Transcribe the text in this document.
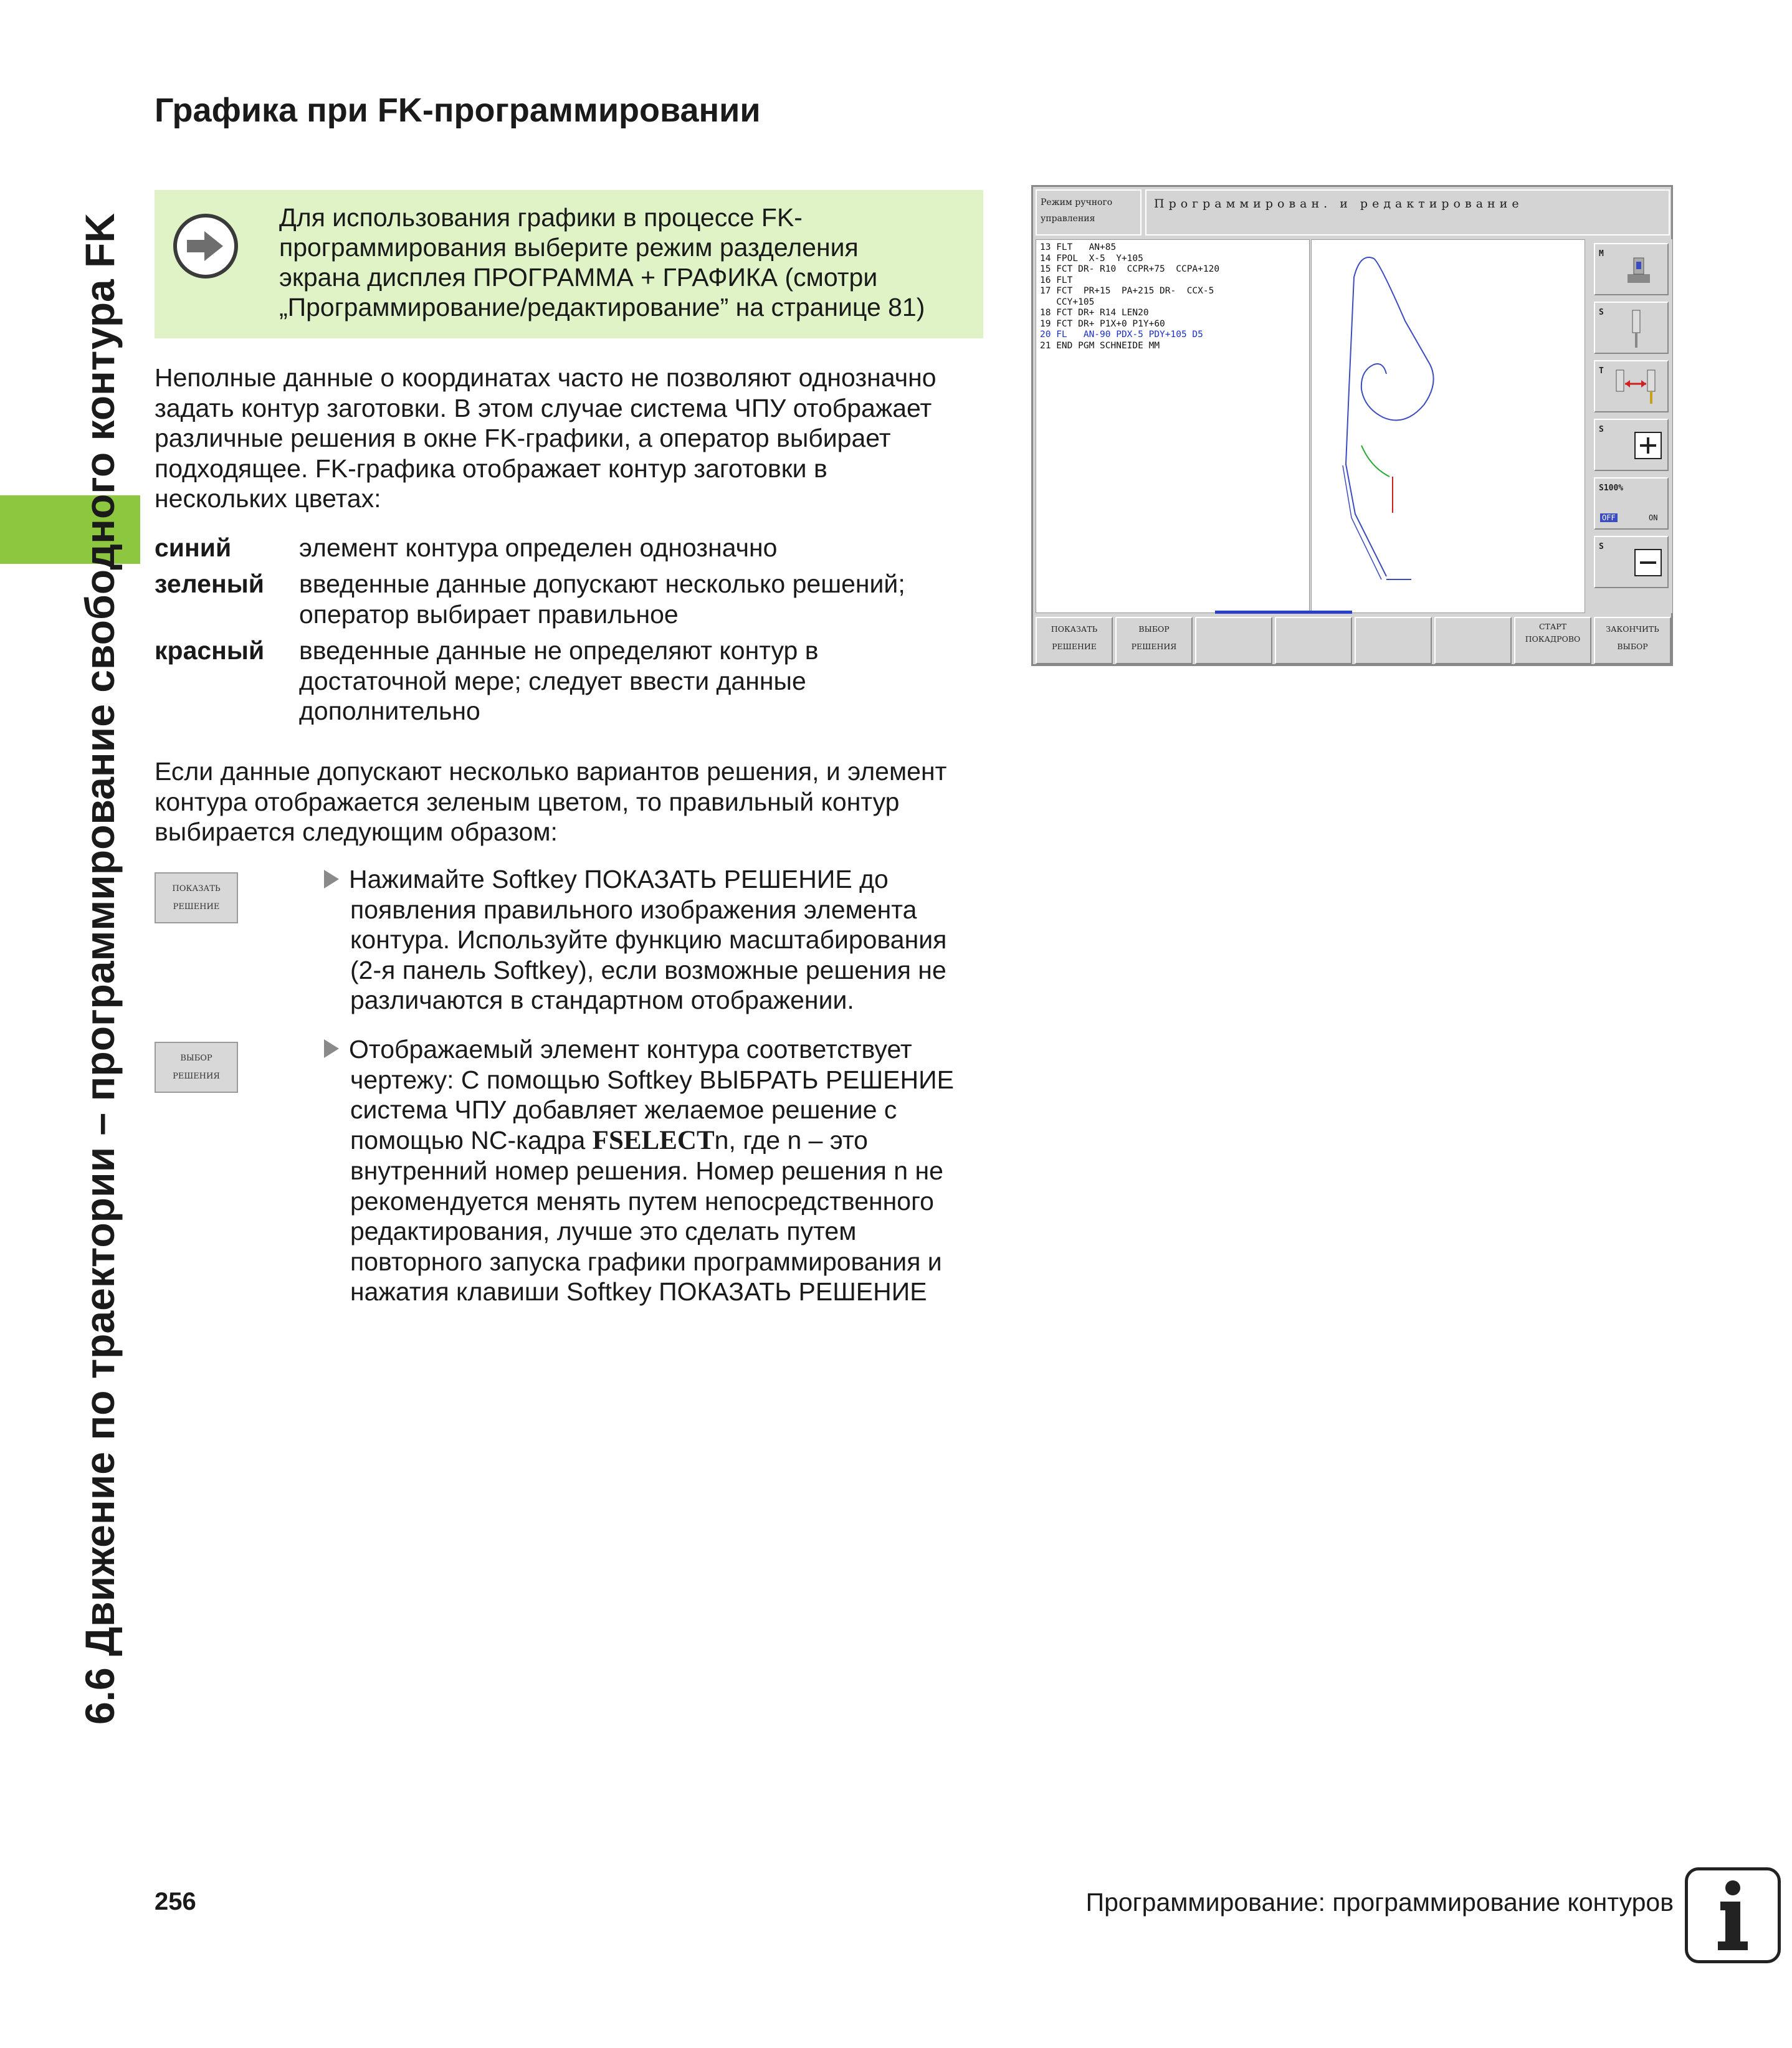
6.6 Движение по траектории – программирование свободного контура FK
Графика при FK-программировании
Для использования графики в процессе FK-
программирования выберите режим разделения
экрана дисплея ПРОГРАММА + ГРАФИКА (смотри
„Программирование/редактирование” на странице 81)
Неполные данные о координатах часто не позволяют однозначно
задать контур заготовки. В этом случае система ЧПУ отображает
различные решения в окне FK-графики, а оператор выбирает
подходящее. FK-графика отображает контур заготовки в
нескольких цветах:
синий	элемент контура определен однозначно
зеленый введенные данные допускают несколько решений;
оператор выбирает правильное
красный введенные данные не определяют контур в
достаточной мере; следует ввести данные
дополнительно
Если данные допускают несколько вариантов решения, и элемент
контура отображается зеленым цветом, то правильный контур
выбирается следующим образом:
ПОКАЗАТЬ
РЕШЕНИЕ
Нажимайте Softkey ПОКАЗАТЬ РЕШЕНИЕ до
появления правильного изображения элемента
контура. Используйте функцию масштабирования
(2-я панель Softkey), если возможные решения не
различаются в стандартном отображении.
ВЫБОР
РЕШЕНИЯ
Отображаемый элемент контура соответствует
чертежу: С помощью Softkey ВЫБРАТЬ РЕШЕНИЕ
система ЧПУ добавляет желаемое решение с
помощью NC-кадра FSELECTn, где n – это
внутренний номер решения. Номер решения n не
рекомендуется менять путем непосредственного
редактирования, лучше это сделать путем
повторного запуска графики программирования и
нажатия клавиши Softkey ПОКАЗАТЬ РЕШЕНИЕ
Режим ручного
управления
Программирован. и редактирование
13 FLT   AN+85
14 FPOL  X-5  Y+105
15 FCT DR- R10  CCPR+75  CCPA+120
16 FLT
17 FCT  PR+15  PA+215 DR-  CCX-5
CCY+105
18 FCT DR+ R14 LEN20
19 FCT DR+ P1X+0 P1Y+60
20 FL   AN-90 PDX-5 PDY+105 D5
21 END PGM SCHNEIDE MM
M
S
T
S
S100%
OFF	ON
S
ПОКАЗАТЬ
РЕШЕНИЕ
ВЫБОР
РЕШЕНИЯ
СТАРТ
ПОКАДРОВО
ЗАКОНЧИТЬ
ВЫБОР
256	Программирование: программирование контуров
